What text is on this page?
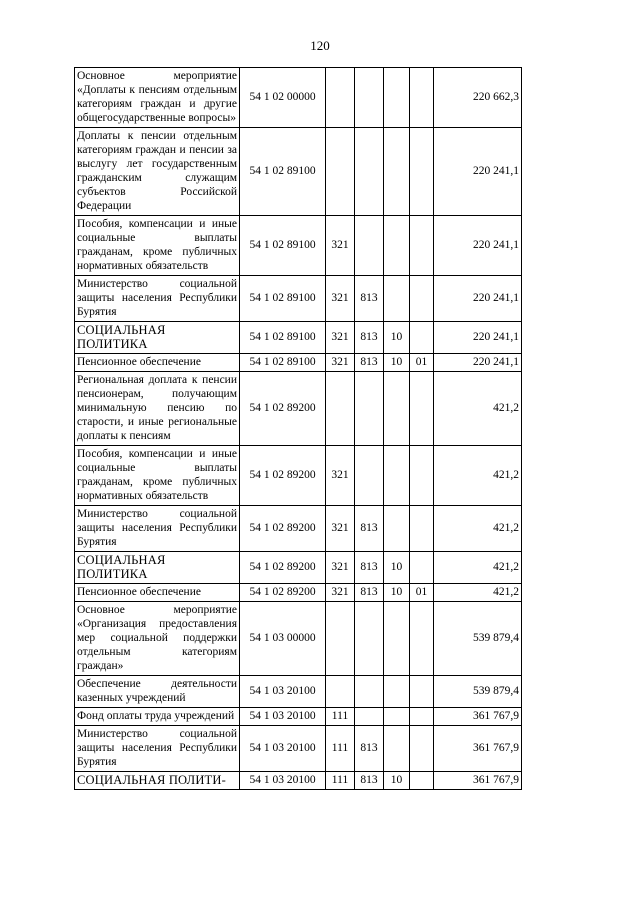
120
Основное мероприятие «Доплаты к пенсиям отдельным категориям граждан и другие общегосударственные вопросы»	54 1 02 00000					220 662,3
Доплаты к пенсии отдельным категориям граждан и пенсии за выслугу лет государственным гражданским служащим субъектов Российской Федерации	54 1 02 89100					220 241,1
Пособия, компенсации и иные социальные выплаты гражданам, кроме публичных нормативных обязательств	54 1 02 89100	321				220 241,1
Министерство социальной защиты населения Республики Бурятия	54 1 02 89100	321	813			220 241,1
СОЦИАЛЬНАЯ ПОЛИТИКА	54 1 02 89100	321	813	10		220 241,1
Пенсионное обеспечение	54 1 02 89100	321	813	10	01	220 241,1
Региональная доплата к пенсии пенсионерам, получающим минимальную пенсию по старости, и иные региональные доплаты к пенсиям	54 1 02 89200					421,2
Пособия, компенсации и иные социальные выплаты гражданам, кроме публичных нормативных обязательств	54 1 02 89200	321				421,2
Министерство социальной защиты населения Республики Бурятия	54 1 02 89200	321	813			421,2
СОЦИАЛЬНАЯ ПОЛИТИКА	54 1 02 89200	321	813	10		421,2
Пенсионное обеспечение	54 1 02 89200	321	813	10	01	421,2
Основное мероприятие «Организация предоставления мер социальной поддержки отдельным категориям граждан»	54 1 03 00000					539 879,4
Обеспечение деятельности казенных учреждений	54 1 03 20100					539 879,4
Фонд оплаты труда учреждений	54 1 03 20100	111				361 767,9
Министерство социальной защиты населения Республики Бурятия	54 1 03 20100	111	813			361 767,9
СОЦИАЛЬНАЯ ПОЛИТИ-	54 1 03 20100	111	813	10		361 767,9
